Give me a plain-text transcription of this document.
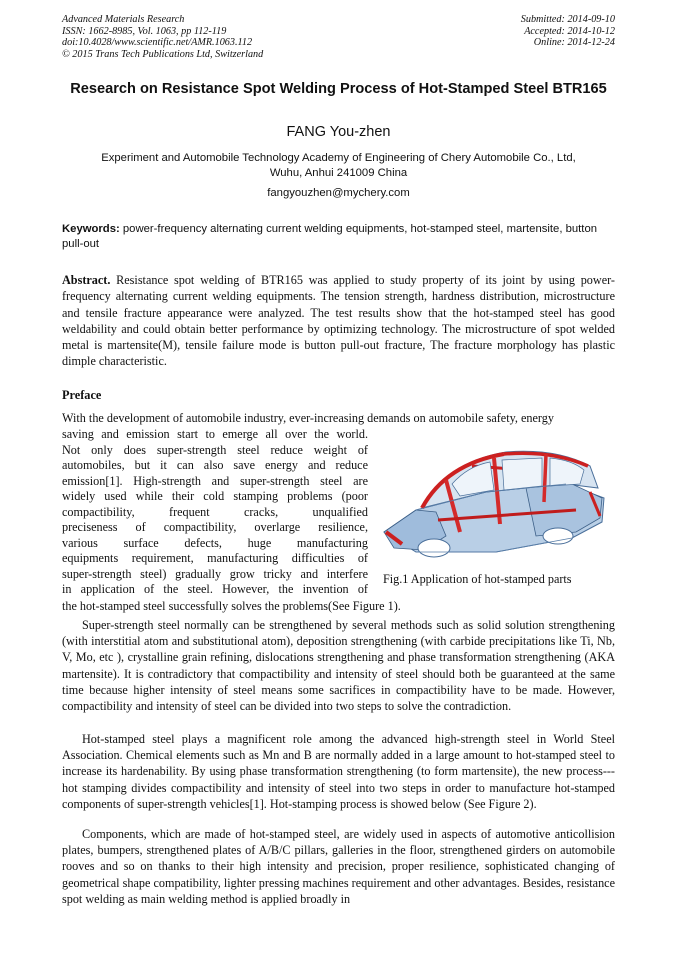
Advanced Materials Research
ISSN: 1662-8985, Vol. 1063, pp 112-119
doi:10.4028/www.scientific.net/AMR.1063.112
© 2015 Trans Tech Publications Ltd, Switzerland
Submitted: 2014-09-10
Accepted: 2014-10-12
Online: 2014-12-24
Research on Resistance Spot Welding Process of Hot-Stamped Steel BTR165
FANG You-zhen
Experiment and Automobile Technology Academy of Engineering of Chery Automobile Co., Ltd,
Wuhu, Anhui 241009 China
fangyouzhen@mychery.com
Keywords: power-frequency alternating current welding equipments, hot-stamped steel, martensite, button pull-out
Abstract. Resistance spot welding of BTR165 was applied to study property of its joint by using power-frequency alternating current welding equipments. The tension strength, hardness distribution, microstructure and tensile fracture appearance were analyzed. The test results show that the hot-stamped steel has good weldability and could obtain better performance by optimizing technology. The microstructure of spot welded metal is martensite(M), tensile failure mode is button pull-out fracture, The fracture morphology has plastic dimple characteristic.
Preface
With the development of automobile industry, ever-increasing demands on automobile safety, energy
saving and emission start to emerge all over the world.
Not only does super-strength steel reduce weight of
automobiles, but it can also save energy and reduce
emission[1]. High-strength and super-strength steel are
widely used while their cold stamping problems (poor
compactibility, frequent cracks, unqualified
preciseness of compactibility, overlarge resilience,
various surface defects, huge manufacturing
equipments requirement, manufacturing difficulties of
super-strength steel) gradually grow tricky and interfere
in application of the steel. However, the invention of
the hot-stamped steel successfully solves the problems(See Figure 1).
Fig.1 Application of hot-stamped parts
Super-strength steel normally can be strengthened by several methods such as solid solution strengthening (with interstitial atom and substitutional atom), deposition strengthening (with carbide precipitations like Ti, Nb, V, Mo, etc ), crystalline grain refining, dislocations strengthening and phase transformation strengthening (AKA martensite). It is contradictory that compactibility and intensity of steel should both be guaranteed at the same time because higher intensity of steel means some sacrifices in compactibility have to be made. However, compactibility and intensity of steel can be divided into two steps to solve the contradiction.
Hot-stamped steel plays a magnificent role among the advanced high-strength steel in World Steel Association. Chemical elements such as Mn and B are normally added in a large amount to hot-stamped steel to increase its hardenability. By using phase transformation strengthening (to form martensite), the new process---hot stamping divides compactibility and intensity of steel into two steps in order to manufacture hot-stamped components of super-strength vehicles[1]. Hot-stamping process is showed below (See Figure 2).
Components, which are made of hot-stamped steel, are widely used in aspects of automotive anticollision plates, bumpers, strengthened plates of A/B/C pillars, galleries in the floor, strengthened girders on automobile rooves and so on thanks to their high intensity and precision, proper resilience, sophisticated changing of geometrical shape compatibility, lighter pressing machines requirement and other advantages. Besides, resistance spot welding as main welding method is applied broadly in
